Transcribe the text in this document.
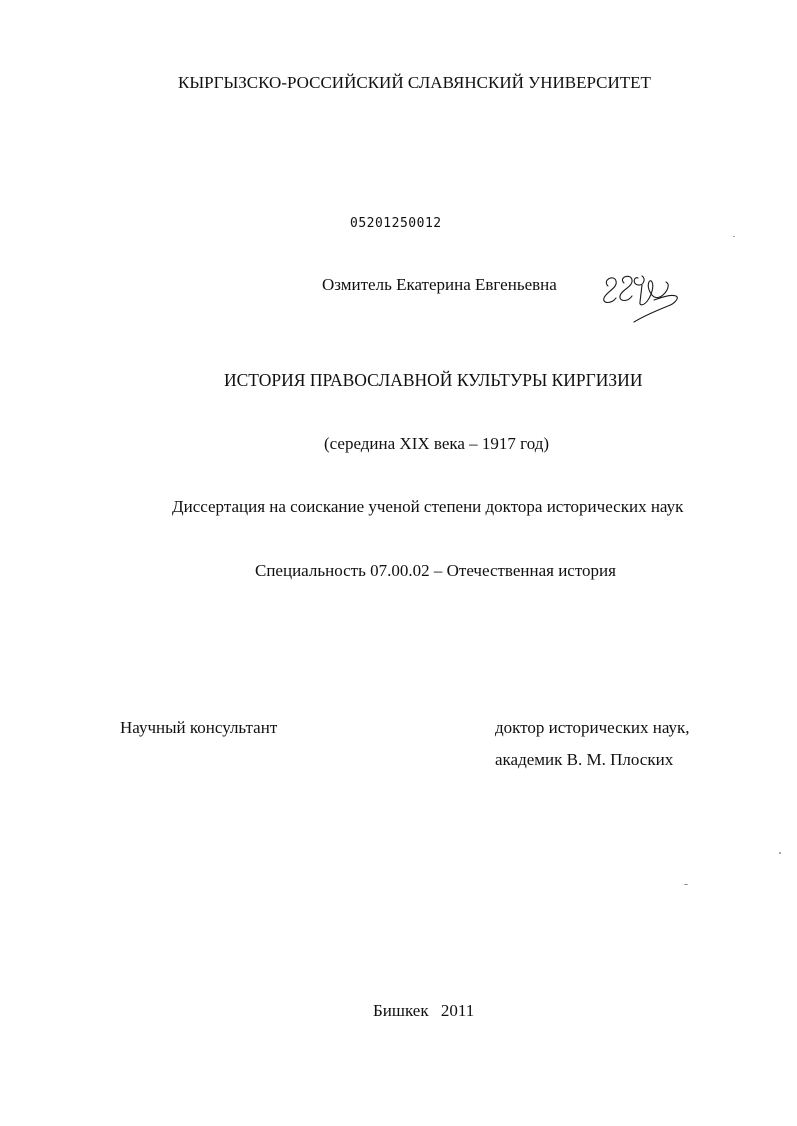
КЫРГЫЗСКО-РОССИЙСКИЙ СЛАВЯНСКИЙ УНИВЕРСИТЕТ
05201250012
Озмитель Екатерина Евгеньевна
ИСТОРИЯ ПРАВОСЛАВНОЙ КУЛЬТУРЫ КИРГИЗИИ
(середина XIX века – 1917 год)
Диссертация на соискание ученой степени доктора исторических наук
Специальность 07.00.02 – Отечественная история
Научный консультант	доктор исторических наук,
академик В. М. Плоских
Бишкек 2011
